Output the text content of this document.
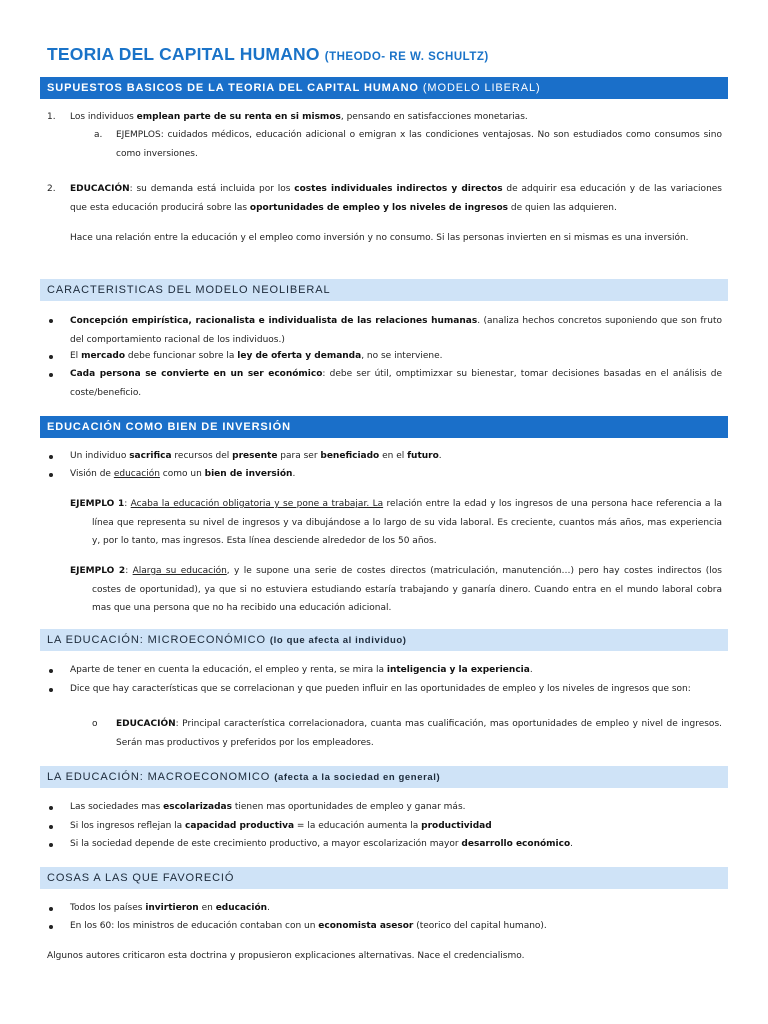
TEORIA DEL CAPITAL HUMANO (THEODO- RE W. SCHULTZ)
SUPUESTOS BASICOS DE LA TEORIA DEL CAPITAL HUMANO (MODELO LIBERAL)
1. Los individuos emplean parte de su renta en si mismos, pensando en satisfacciones monetarias.
a. EJEMPLOS: cuidados médicos, educación adicional o emigran x las condiciones ventajosas. No son estudiados como consumos sino como inversiones.
2. EDUCACIÓN: su demanda está incluida por los costes individuales indirectos y directos de adquirir esa educación y de las variaciones que esta educación producirá sobre las oportunidades de empleo y los niveles de ingresos de quien las adquieren.
Hace una relación entre la educación y el empleo como inversión y no consumo. Si las personas invierten en si mismas es una inversión.
CARACTERISTICAS DEL MODELO NEOLIBERAL
Concepción empirística, racionalista e individualista de las relaciones humanas. (analiza hechos concretos suponiendo que son fruto del comportamiento racional de los individuos.)
El mercado debe funcionar sobre la ley de oferta y demanda, no se interviene.
Cada persona se convierte en un ser económico: debe ser útil, omptimizxar su bienestar, tomar decisiones basadas en el análisis de coste/beneficio.
EDUCACIÓN COMO BIEN DE INVERSIÓN
Un individuo sacrifica recursos del presente para ser beneficiado en el futuro.
Visión de educación como un bien de inversión.
EJEMPLO 1: Acaba la educación obligatoria y se pone a trabajar. La relación entre la edad y los ingresos de una persona hace referencia a la línea que representa su nivel de ingresos y va dibujándose a lo largo de su vida laboral. Es creciente, cuantos más años, mas experiencia y, por lo tanto, mas ingresos. Esta línea desciende alrededor de los 50 años.
EJEMPLO 2: Alarga su educación, y le supone una serie de costes directos (matriculación, manutención…) pero hay costes indirectos (los costes de oportunidad), ya que si no estuviera estudiando estaría trabajando y ganaría dinero. Cuando entra en el mundo laboral cobra mas que una persona que no ha recibido una educación adicional.
LA EDUCACIÓN: MICROECONÓMICO (lo que afecta al individuo)
Aparte de tener en cuenta la educación, el empleo y renta, se mira la inteligencia y la experiencia.
Dice que hay características que se correlacionan y que pueden influir en las oportunidades de empleo y los niveles de ingresos que son:
o EDUCACIÓN: Principal característica correlacionadora, cuanta mas cualificación, mas oportunidades de empleo y nivel de ingresos. Serán mas productivos y preferidos por los empleadores.
LA EDUCACIÓN: MACROECONOMICO (afecta a la sociedad en general)
Las sociedades mas escolarizadas tienen mas oportunidades de empleo y ganar más.
Si los ingresos reflejan la capacidad productiva = la educación aumenta la productividad
Si la sociedad depende de este crecimiento productivo, a mayor escolarización mayor desarrollo económico.
COSAS A LAS QUE FAVORECIÓ
Todos los países invirtieron en educación.
En los 60: los ministros de educación contaban con un economista asesor (teorico del capital humano).
Algunos autores criticaron esta doctrina y propusieron explicaciones alternativas. Nace el credencialismo.
